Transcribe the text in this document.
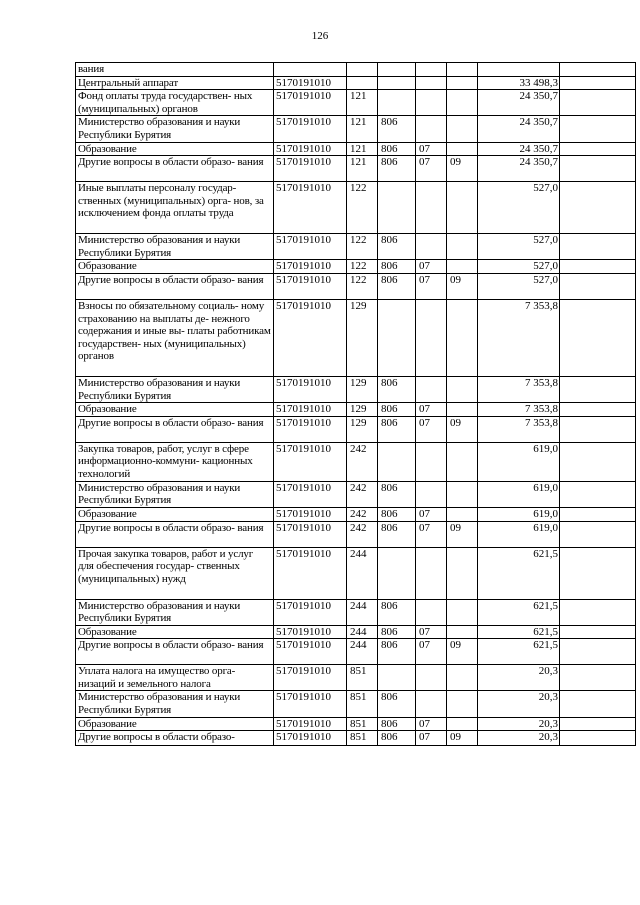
126
вания							
Центральный аппарат	5170191010					33 498,3	
Фонд оплаты труда государствен- ных (муниципальных) органов	5170191010	121				24 350,7	
Министерство образования и науки Республики Бурятия	5170191010	121	806			24 350,7	
Образование	5170191010	121	806	07		24 350,7	
Другие вопросы в области образо- вания	5170191010	121	806	07	09	24 350,7	
Иные выплаты персоналу государ- ственных (муниципальных) орга- нов, за исключением фонда оплаты труда	5170191010	122				527,0	
Министерство образования и науки Республики Бурятия	5170191010	122	806			527,0	
Образование	5170191010	122	806	07		527,0	
Другие вопросы в области образо- вания	5170191010	122	806	07	09	527,0	
Взносы по обязательному социаль- ному страхованию на выплаты де- нежного содержания и иные вы- платы работникам государствен- ных (муниципальных) органов	5170191010	129				7 353,8	
Министерство образования и науки Республики Бурятия	5170191010	129	806			7 353,8	
Образование	5170191010	129	806	07		7 353,8	
Другие вопросы в области образо- вания	5170191010	129	806	07	09	7 353,8	
Закупка товаров, работ, услуг в сфере информационно-коммуни- кационных технологий	5170191010	242				619,0	
Министерство образования и науки Республики Бурятия	5170191010	242	806			619,0	
Образование	5170191010	242	806	07		619,0	
Другие вопросы в области образо- вания	5170191010	242	806	07	09	619,0	
Прочая закупка товаров, работ и услуг для обеспечения государ- ственных (муниципальных) нужд	5170191010	244				621,5	
Министерство образования и науки Республики Бурятия	5170191010	244	806			621,5	
Образование	5170191010	244	806	07		621,5	
Другие вопросы в области образо- вания	5170191010	244	806	07	09	621,5	
Уплата налога на имущество орга- низаций и земельного налога	5170191010	851				20,3	
Министерство образования и науки Республики Бурятия	5170191010	851	806			20,3	
Образование	5170191010	851	806	07		20,3	
Другие вопросы в области образо-	5170191010	851	806	07	09	20,3	
